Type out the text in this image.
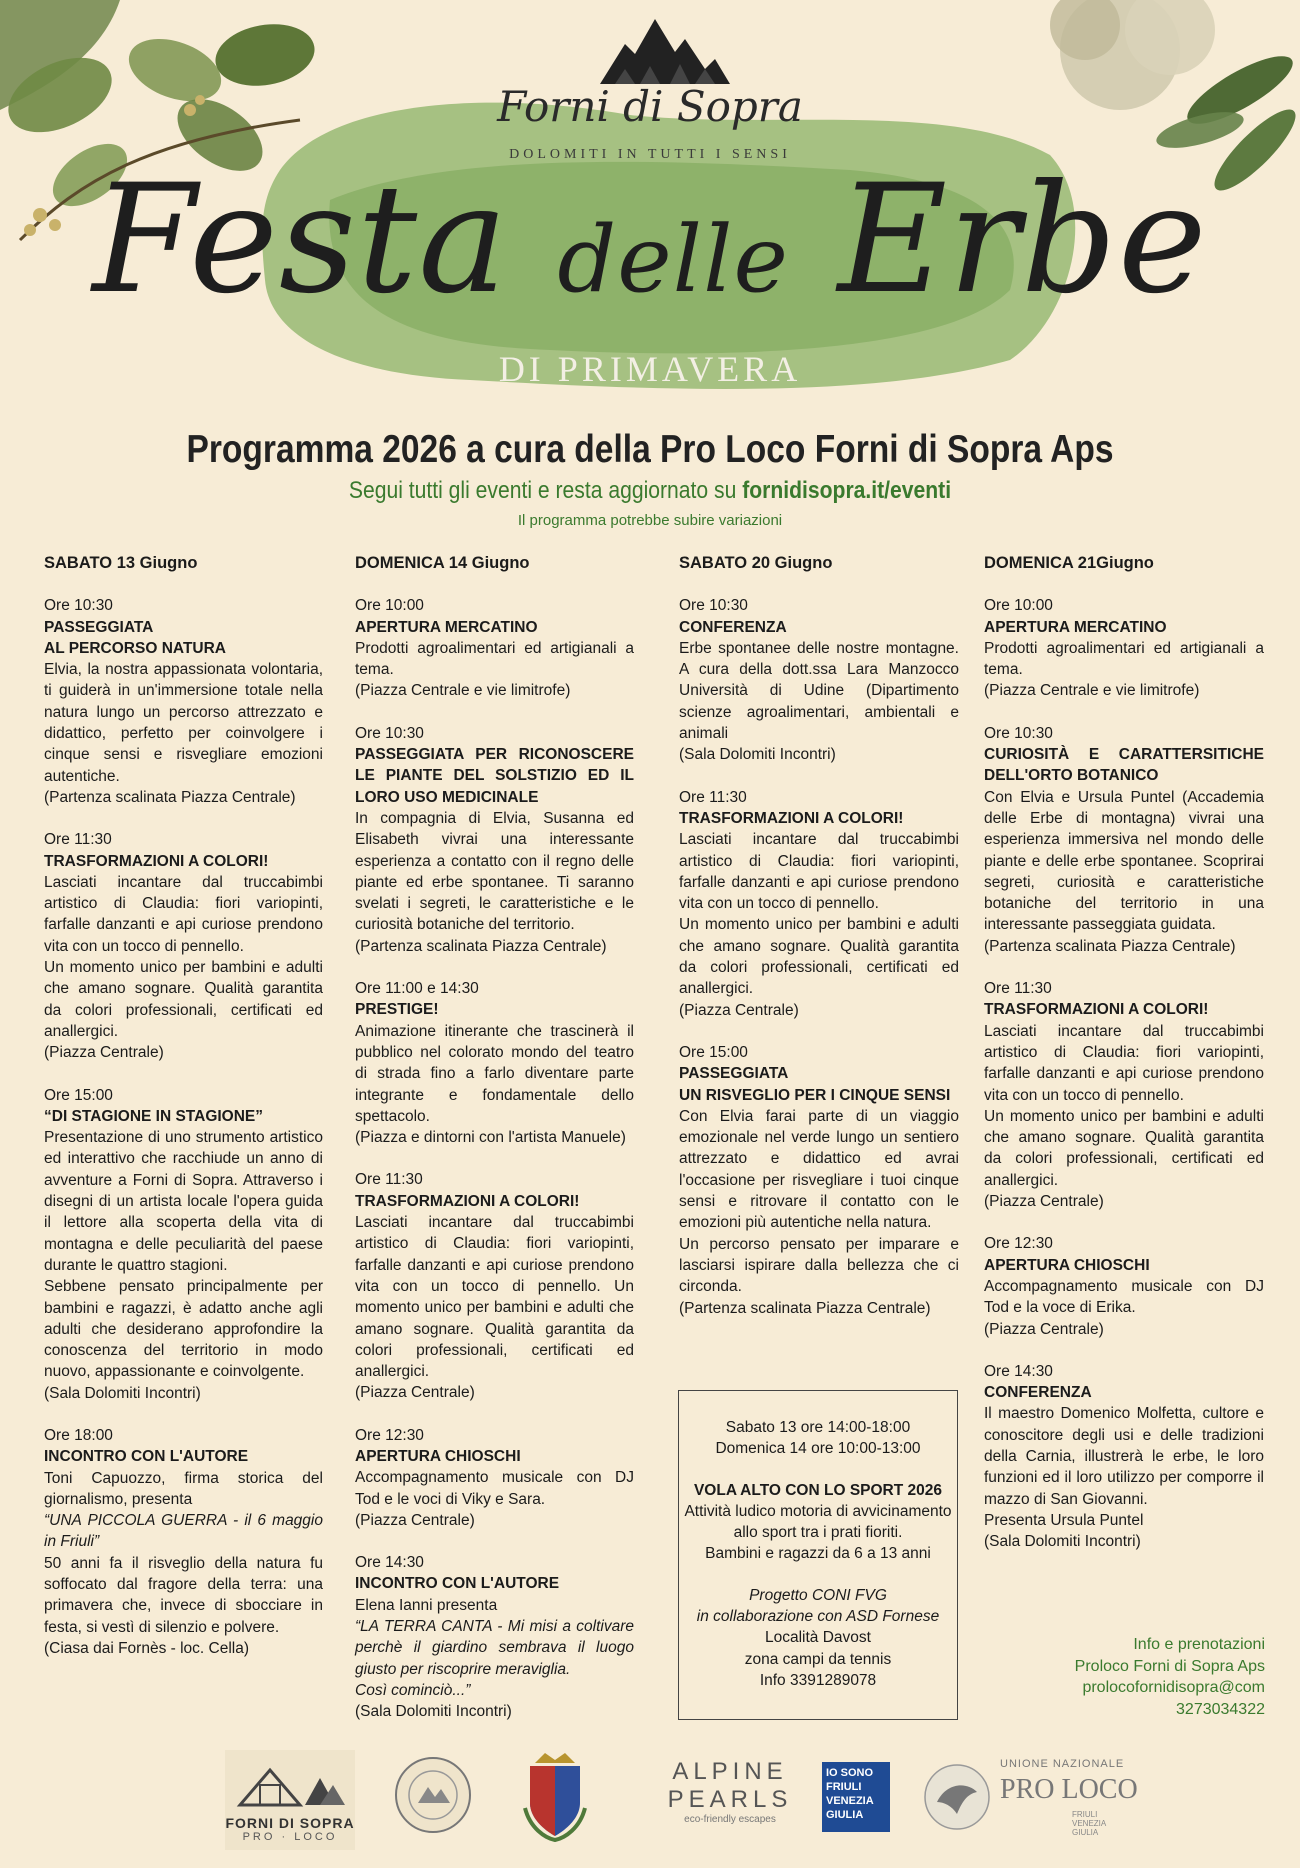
Forni di Sopra
DOLOMITI IN TUTTI I SENSI
Festa delle Erbe
DI PRIMAVERA
Programma 2026 a cura della Pro Loco Forni di Sopra Aps
Segui tutti gli eventi e resta aggiornato su fornidisopra.it/eventi
Il programma potrebbe subire variazioni
SABATO 13 Giugno
Ore 10:30
PASSEGGIATA
AL PERCORSO NATURA
Elvia, la nostra appassionata volontaria, ti guiderà in un'immersione totale nella natura lungo un percorso attrezzato e didattico, perfetto per coinvolgere i cinque sensi e risvegliare emozioni autentiche.
(Partenza scalinata Piazza Centrale)
Ore 11:30
TRASFORMAZIONI A COLORI!
Lasciati incantare dal truccabimbi artistico di Claudia: fiori variopinti, farfalle danzanti e api curiose prendono vita con un tocco di pennello.
Un momento unico per bambini e adulti che amano sognare. Qualità garantita da colori professionali, certificati ed anallergici.
(Piazza Centrale)
Ore 15:00
“DI STAGIONE IN STAGIONE”
Presentazione di uno strumento artistico ed interattivo che racchiude un anno di avventure a Forni di Sopra. Attraverso i disegni di un artista locale l'opera guida il lettore alla scoperta della vita di montagna e delle peculiarità del paese durante le quattro stagioni.
Sebbene pensato principalmente per bambini e ragazzi, è adatto anche agli adulti che desiderano approfondire la conoscenza del territorio in modo nuovo, appassionante e coinvolgente.
(Sala Dolomiti Incontri)
Ore 18:00
INCONTRO CON L'AUTORE
Toni Capuozzo, firma storica del giornalismo, presenta
“UNA PICCOLA GUERRA - il 6 maggio in Friuli”
50 anni fa il risveglio della natura fu soffocato dal fragore della terra: una primavera che, invece di sbocciare in festa, si vestì di silenzio e polvere.
(Ciasa dai Fornès - loc. Cella)
DOMENICA 14 Giugno
Ore 10:00
APERTURA MERCATINO
Prodotti agroalimentari ed artigianali a tema.
(Piazza Centrale e vie limitrofe)
Ore 10:30
PASSEGGIATA PER RICONOSCERE LE PIANTE DEL SOLSTIZIO ED IL LORO USO MEDICINALE
In compagnia di Elvia, Susanna ed Elisabeth vivrai una interessante esperienza a contatto con il regno delle piante ed erbe spontanee. Ti saranno svelati i segreti, le caratteristiche e le curiosità botaniche del territorio.
(Partenza scalinata Piazza Centrale)
Ore 11:00 e 14:30
PRESTIGE!
Animazione itinerante che trascinerà il pubblico nel colorato mondo del teatro di strada fino a farlo diventare parte integrante e fondamentale dello spettacolo.
(Piazza e dintorni con l'artista Manuele)
Ore 11:30
TRASFORMAZIONI A COLORI!
Lasciati incantare dal truccabimbi artistico di Claudia: fiori variopinti, farfalle danzanti e api curiose prendono vita con un tocco di pennello. Un momento unico per bambini e adulti che amano sognare. Qualità garantita da colori professionali, certificati ed anallergici.
(Piazza Centrale)
Ore 12:30
APERTURA CHIOSCHI
Accompagnamento musicale con DJ Tod e le voci di Viky e Sara.
(Piazza Centrale)
Ore 14:30
INCONTRO CON L'AUTORE
Elena Ianni presenta
“LA TERRA CANTA - Mi misi a coltivare perchè il giardino sembrava il luogo giusto per riscoprire meraviglia.
Così cominciò...”
(Sala Dolomiti Incontri)
SABATO 20 Giugno
Ore 10:30
CONFERENZA
Erbe spontanee delle nostre montagne. A cura della dott.ssa Lara Manzocco Università di Udine (Dipartimento scienze agroalimentari, ambientali e animali
(Sala Dolomiti Incontri)
Ore 11:30
TRASFORMAZIONI A COLORI!
Lasciati incantare dal truccabimbi artistico di Claudia: fiori variopinti, farfalle danzanti e api curiose prendono vita con un tocco di pennello.
Un momento unico per bambini e adulti che amano sognare. Qualità garantita da colori professionali, certificati ed anallergici.
(Piazza Centrale)
Ore 15:00
PASSEGGIATA
UN RISVEGLIO PER I CINQUE SENSI
Con Elvia farai parte di un viaggio emozionale nel verde lungo un sentiero attrezzato e didattico ed avrai l'occasione per risvegliare i tuoi cinque sensi e ritrovare il contatto con le emozioni più autentiche nella natura.
Un percorso pensato per imparare e lasciarsi ispirare dalla bellezza che ci circonda.
(Partenza scalinata Piazza Centrale)
DOMENICA 21Giugno
Ore 10:00
APERTURA MERCATINO
Prodotti agroalimentari ed artigianali a tema.
(Piazza Centrale e vie limitrofe)
Ore 10:30
CURIOSITÀ E CARATTERSITICHE DELL'ORTO BOTANICO
Con Elvia e Ursula Puntel (Accademia delle Erbe di montagna) vivrai una esperienza immersiva nel mondo delle piante e delle erbe spontanee. Scoprirai segreti, curiosità e caratteristiche botaniche del territorio in una interessante passeggiata guidata.
(Partenza scalinata Piazza Centrale)
Ore 11:30
TRASFORMAZIONI A COLORI!
Lasciati incantare dal truccabimbi artistico di Claudia: fiori variopinti, farfalle danzanti e api curiose prendono vita con un tocco di pennello.
Un momento unico per bambini e adulti che amano sognare. Qualità garantita da colori professionali, certificati ed anallergici.
(Piazza Centrale)
Ore 12:30
APERTURA CHIOSCHI
Accompagnamento musicale con DJ Tod e la voce di Erika.
(Piazza Centrale)
Ore 14:30
CONFERENZA
Il maestro Domenico Molfetta, cultore e conoscitore degli usi e delle tradizioni della Carnia, illustrerà le erbe, le loro funzioni ed il loro utilizzo per comporre il mazzo di San Giovanni.
Presenta Ursula Puntel
(Sala Dolomiti Incontri)
Sabato 13 ore 14:00-18:00
Domenica 14 ore 10:00-13:00
VOLA ALTO CON LO SPORT 2026
Attività ludico motoria di avvicinamento allo sport tra i prati fioriti.
Bambini e ragazzi da 6 a 13 anni
Progetto CONI FVG
in collaborazione con ASD Fornese
Località Davost
zona campi da tennis
Info 3391289078
Info e prenotazioni
Proloco Forni di Sopra Aps
prolocofornidisopra@com
3273034322
FORNI DI SOPRA
PRO · LOCO
ALPINE
PEARLS
eco-friendly escapes
IO SONO
FRIULI
VENEZIA
GIULIA
UNIONE NAZIONALE
PRO LOCO
FRIULI VENEZIA GIULIA
